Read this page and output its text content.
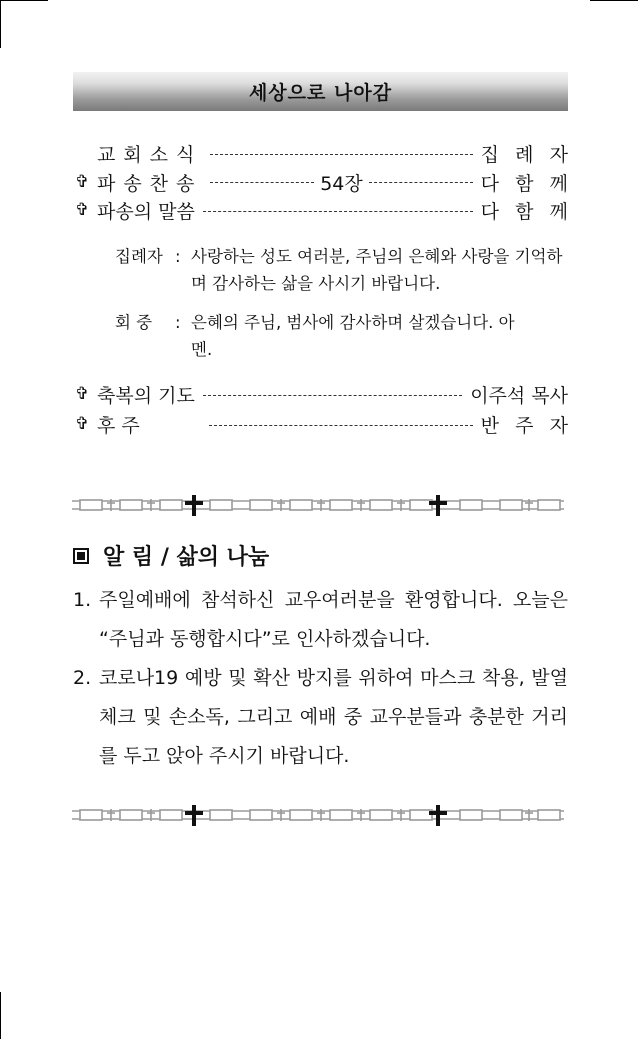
세상으로 나아감
교회소식	집례자
✞ 파송찬송	54장	다함께
✞ 파송의 말씀	다함께
집례자 : 사랑하는 성도 여러분, 주님의 은혜와 사랑을 기억하며 감사하는 삶을 사시기 바랍니다.
회 중	: 은혜의 주님, 범사에 감사하며 살겠습니다. 아멘.
✞ 축복의 기도	이주석 목사
✞ 후 주	반주자
알 림 / 삶의 나눔
1. 주일예배에 참석하신 교우여러분을 환영합니다. 오늘은 “주님과 동행합시다”로 인사하겠습니다.
2. 코로나19 예방 및 확산 방지를 위하여 마스크 착용, 발열체크 및 손소독, 그리고 예배 중 교우분들과 충분한 거리를 두고 앉아 주시기 바랍니다.
